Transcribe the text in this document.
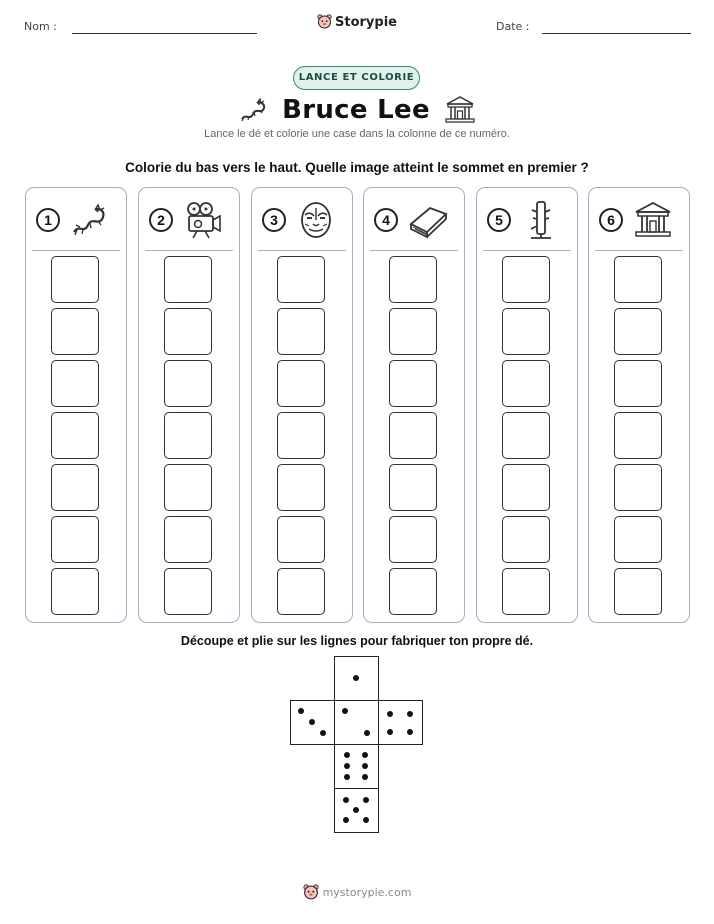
Nom :	Storypie	Date :
LANCE ET COLORIE
Bruce Lee
Lance le dé et colorie une case dans la colonne de ce numéro.
Colorie du bas vers le haut. Quelle image atteint le sommet en premier ?
1	2	3	4	5	6
Découpe et plie sur les lignes pour fabriquer ton propre dé.
mystorypie.com
